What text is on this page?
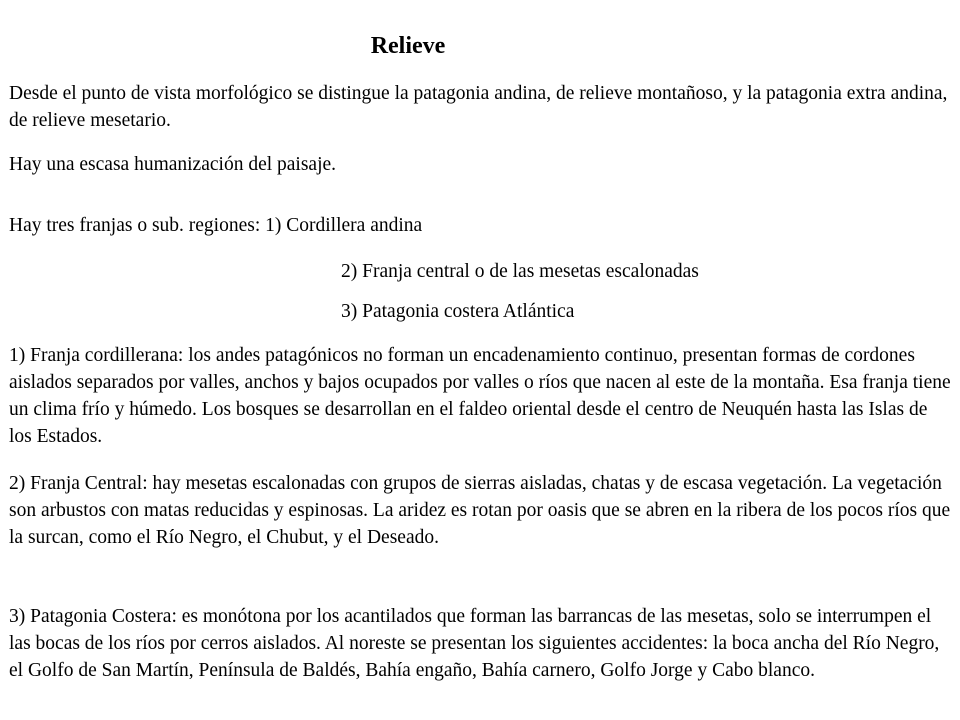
Relieve

Desde el punto de vista morfológico se distingue la patagonia andina, de relieve montañoso, y la patagonia extra andina, de relieve mesetario.

Hay una escasa humanización del paisaje.

Hay tres franjas o sub. regiones: 1) Cordillera andina

2) Franja central o de las mesetas escalonadas

3) Patagonia costera Atlántica

1) Franja cordillerana: los andes patagónicos no forman un encadenamiento continuo, presentan formas de cordones aislados separados por valles, anchos y bajos ocupados por valles o ríos que nacen al este de la montaña. Esa franja tiene un clima frío y húmedo. Los bosques se desarrollan en el faldeo oriental desde el centro de Neuquén hasta las Islas de los Estados.

2) Franja Central: hay mesetas escalonadas con grupos de sierras aisladas, chatas y de escasa vegetación. La vegetación son arbustos con matas reducidas y espinosas. La aridez es rotan por oasis que se abren en la ribera de los pocos ríos que la surcan, como el Río Negro, el Chubut, y el Deseado.

3) Patagonia Costera: es monótona por los acantilados que forman las barrancas de las mesetas, solo se interrumpen el las bocas de los ríos por cerros aislados. Al noreste se presentan los siguientes accidentes: la boca ancha del Río Negro, el Golfo de San Martín, Península de Baldés, Bahía engaño, Bahía carnero, Golfo Jorge y Cabo blanco.
